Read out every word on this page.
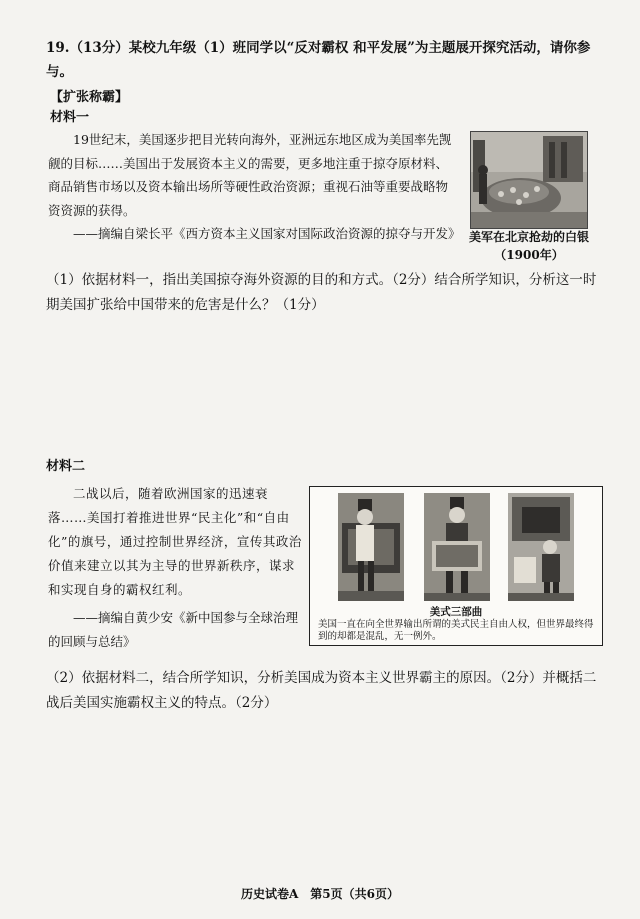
19.（13分）某校九年级（1）班同学以“反对霸权 和平发展”为主题展开探究活动，请你参与。
【扩张称霸】
材料一
19世纪末，美国逐步把目光转向海外，亚洲远东地区成为美国率先觊觎的目标……美国出于发展资本主义的需要，更多地注重于掠夺原材料、商品销售市场以及资本输出场所等硬性政治资源；重视石油等重要战略物资资源的获得。
——摘编自梁长平《西方资本主义国家对国际政治资源的掠夺与开发》 美军在北京抢劫的白银（1900年）
（1）依据材料一，指出美国掠夺海外资源的目的和方式。（2分）结合所学知识，分析这一时期美国扩张给中国带来的危害是什么？（1分）
材料二
二战以后，随着欧洲国家的迅速衰落……美国打着推进世界“民主化”和“自由化”的旗号，通过控制世界经济，宣传其政治价值来建立以其为主导的世界新秩序，谋求和实现自身的霸权红利。
——摘编自黄少安《新中国参与全球治理的回顾与总结》
美式三部曲
美国一直在向全世界输出所谓的美式民主自由人权，但世界最终得到的却都是混乱，无一例外。
（2）依据材料二，结合所学知识，分析美国成为资本主义世界霸主的原因。（2分）并概括二战后美国实施霸权主义的特点。（2分）
历史试卷A　第5页（共6页）
